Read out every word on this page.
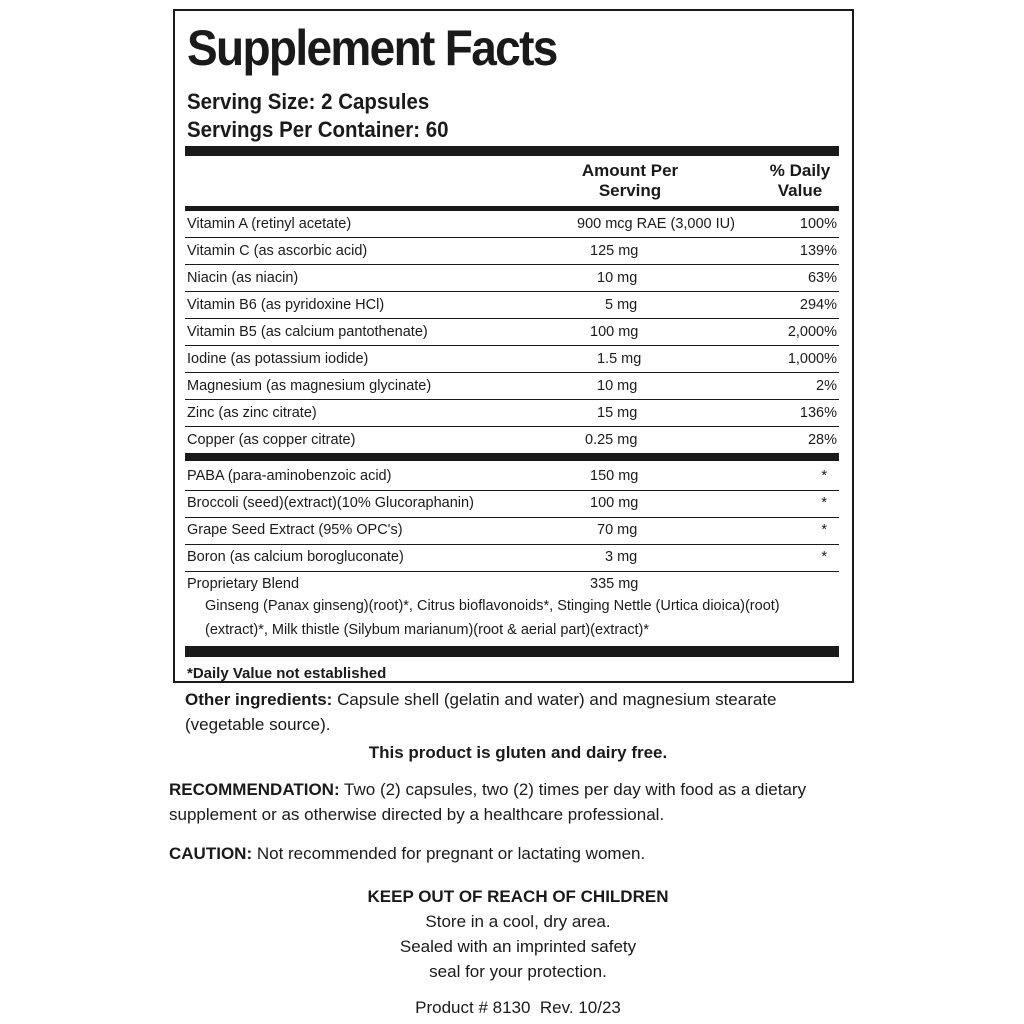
Supplement Facts
Serving Size: 2 Capsules
Servings Per Container: 60
Amount Per
Serving
% Daily
Value
Vitamin A (retinyl acetate)	900 mcg RAE (3,000 IU)	100%
Vitamin C (as ascorbic acid)	125 mg	139%
Niacin (as niacin)	10 mg	63%
Vitamin B6 (as pyridoxine HCl)	5 mg	294%
Vitamin B5 (as calcium pantothenate)	100 mg	2,000%
Iodine (as potassium iodide)	1.5 mg	1,000%
Magnesium (as magnesium glycinate)	10 mg	2%
Zinc (as zinc citrate)	15 mg	136%
Copper (as copper citrate)	0.25 mg	28%
PABA (para-aminobenzoic acid)	150 mg	*
Broccoli (seed)(extract)(10% Glucoraphanin)	100 mg	*
Grape Seed Extract (95% OPC's)	70 mg	*
Boron (as calcium borogluconate)	3 mg	*
Proprietary Blend	335 mg
Ginseng (Panax ginseng)(root)*, Citrus bioflavonoids*, Stinging Nettle (Urtica dioica)(root)(extract)*, Milk thistle (Silybum marianum)(root & aerial part)(extract)*
*Daily Value not established
Other ingredients: Capsule shell (gelatin and water) and magnesium stearate (vegetable source).
This product is gluten and dairy free.
RECOMMENDATION: Two (2) capsules, two (2) times per day with food as a dietary supplement or as otherwise directed by a healthcare professional.
CAUTION: Not recommended for pregnant or lactating women.
KEEP OUT OF REACH OF CHILDREN
Store in a cool, dry area.
Sealed with an imprinted safety
seal for your protection.
Product # 8130  Rev. 10/23
